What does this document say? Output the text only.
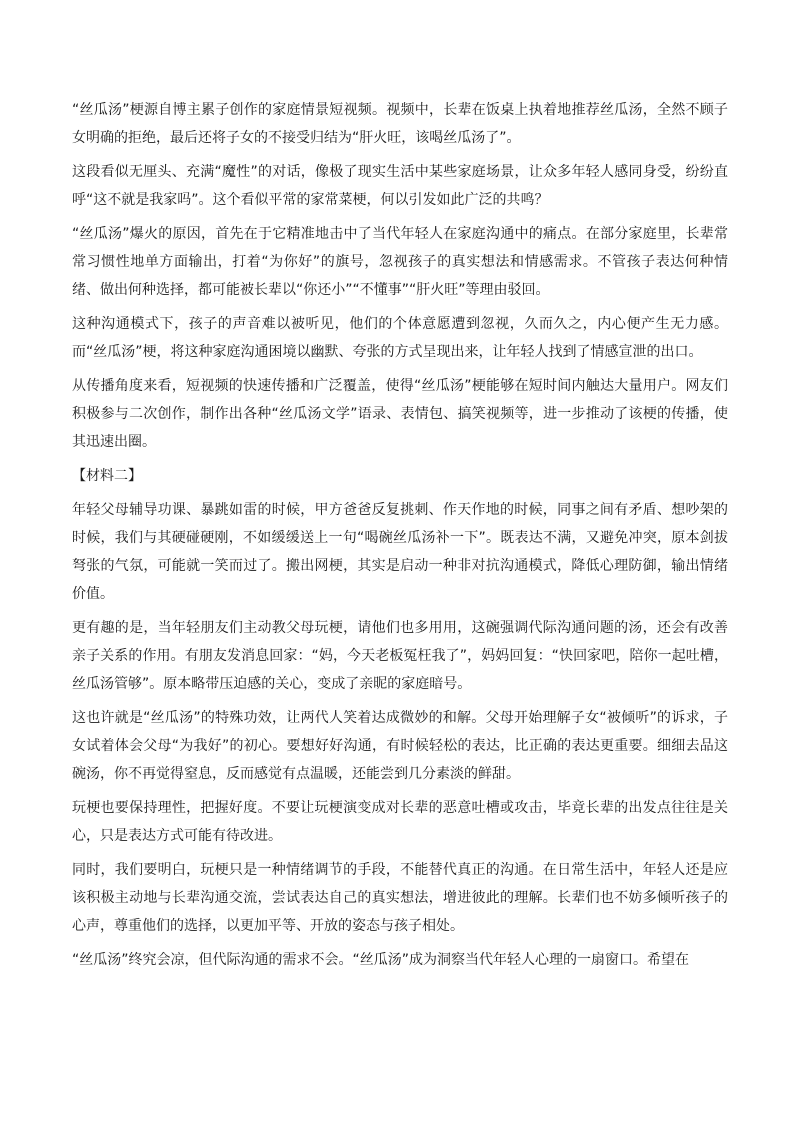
“丝瓜汤”梗源自博主累子创作的家庭情景短视频。视频中，长辈在饭桌上执着地推荐丝瓜汤，全然不顾子女明确的拒绝，最后还将子女的不接受归结为“肝火旺，该喝丝瓜汤了”。

这段看似无厘头、充满“魔性”的对话，像极了现实生活中某些家庭场景，让众多年轻人感同身受，纷纷直呼“这不就是我家吗”。这个看似平常的家常菜梗，何以引发如此广泛的共鸣？

“丝瓜汤”爆火的原因，首先在于它精准地击中了当代年轻人在家庭沟通中的痛点。在部分家庭里，长辈常常习惯性地单方面输出，打着“为你好”的旗号，忽视孩子的真实想法和情感需求。不管孩子表达何种情绪、做出何种选择，都可能被长辈以“你还小”“不懂事”“肝火旺”等理由驳回。

这种沟通模式下，孩子的声音难以被听见，他们的个体意愿遭到忽视，久而久之，内心便产生无力感。而“丝瓜汤”梗，将这种家庭沟通困境以幽默、夸张的方式呈现出来，让年轻人找到了情感宣泄的出口。

从传播角度来看，短视频的快速传播和广泛覆盖，使得“丝瓜汤”梗能够在短时间内触达大量用户。网友们积极参与二次创作，制作出各种“丝瓜汤文学”语录、表情包、搞笑视频等，进一步推动了该梗的传播，使其迅速出圈。

【材料二】

年轻父母辅导功课、暴跳如雷的时候，甲方爸爸反复挑刺、作天作地的时候，同事之间有矛盾、想吵架的时候，我们与其硬碰硬刚，不如缓缓送上一句“喝碗丝瓜汤补一下”。既表达不满，又避免冲突，原本剑拔弩张的气氛，可能就一笑而过了。搬出网梗，其实是启动一种非对抗沟通模式，降低心理防御，输出情绪价值。

更有趣的是，当年轻朋友们主动教父母玩梗，请他们也多用用，这碗强调代际沟通问题的汤，还会有改善亲子关系的作用。有朋友发消息回家：“妈，今天老板冤枉我了”，妈妈回复：“快回家吧，陪你一起吐槽，丝瓜汤管够”。原本略带压迫感的关心，变成了亲昵的家庭暗号。

这也许就是“丝瓜汤”的特殊功效，让两代人笑着达成微妙的和解。父母开始理解子女“被倾听”的诉求，子女试着体会父母“为我好”的初心。要想好好沟通，有时候轻松的表达，比正确的表达更重要。细细去品这碗汤，你不再觉得窒息，反而感觉有点温暖，还能尝到几分素淡的鲜甜。

玩梗也要保持理性，把握好度。不要让玩梗演变成对长辈的恶意吐槽或攻击，毕竟长辈的出发点往往是关心，只是表达方式可能有待改进。

同时，我们要明白，玩梗只是一种情绪调节的手段，不能替代真正的沟通。在日常生活中，年轻人还是应该积极主动地与长辈沟通交流，尝试表达自己的真实想法，增进彼此的理解。长辈们也不妨多倾听孩子的心声，尊重他们的选择，以更加平等、开放的姿态与孩子相处。

“丝瓜汤”终究会凉，但代际沟通的需求不会。“丝瓜汤”成为洞察当代年轻人心理的一扇窗口。希望在
